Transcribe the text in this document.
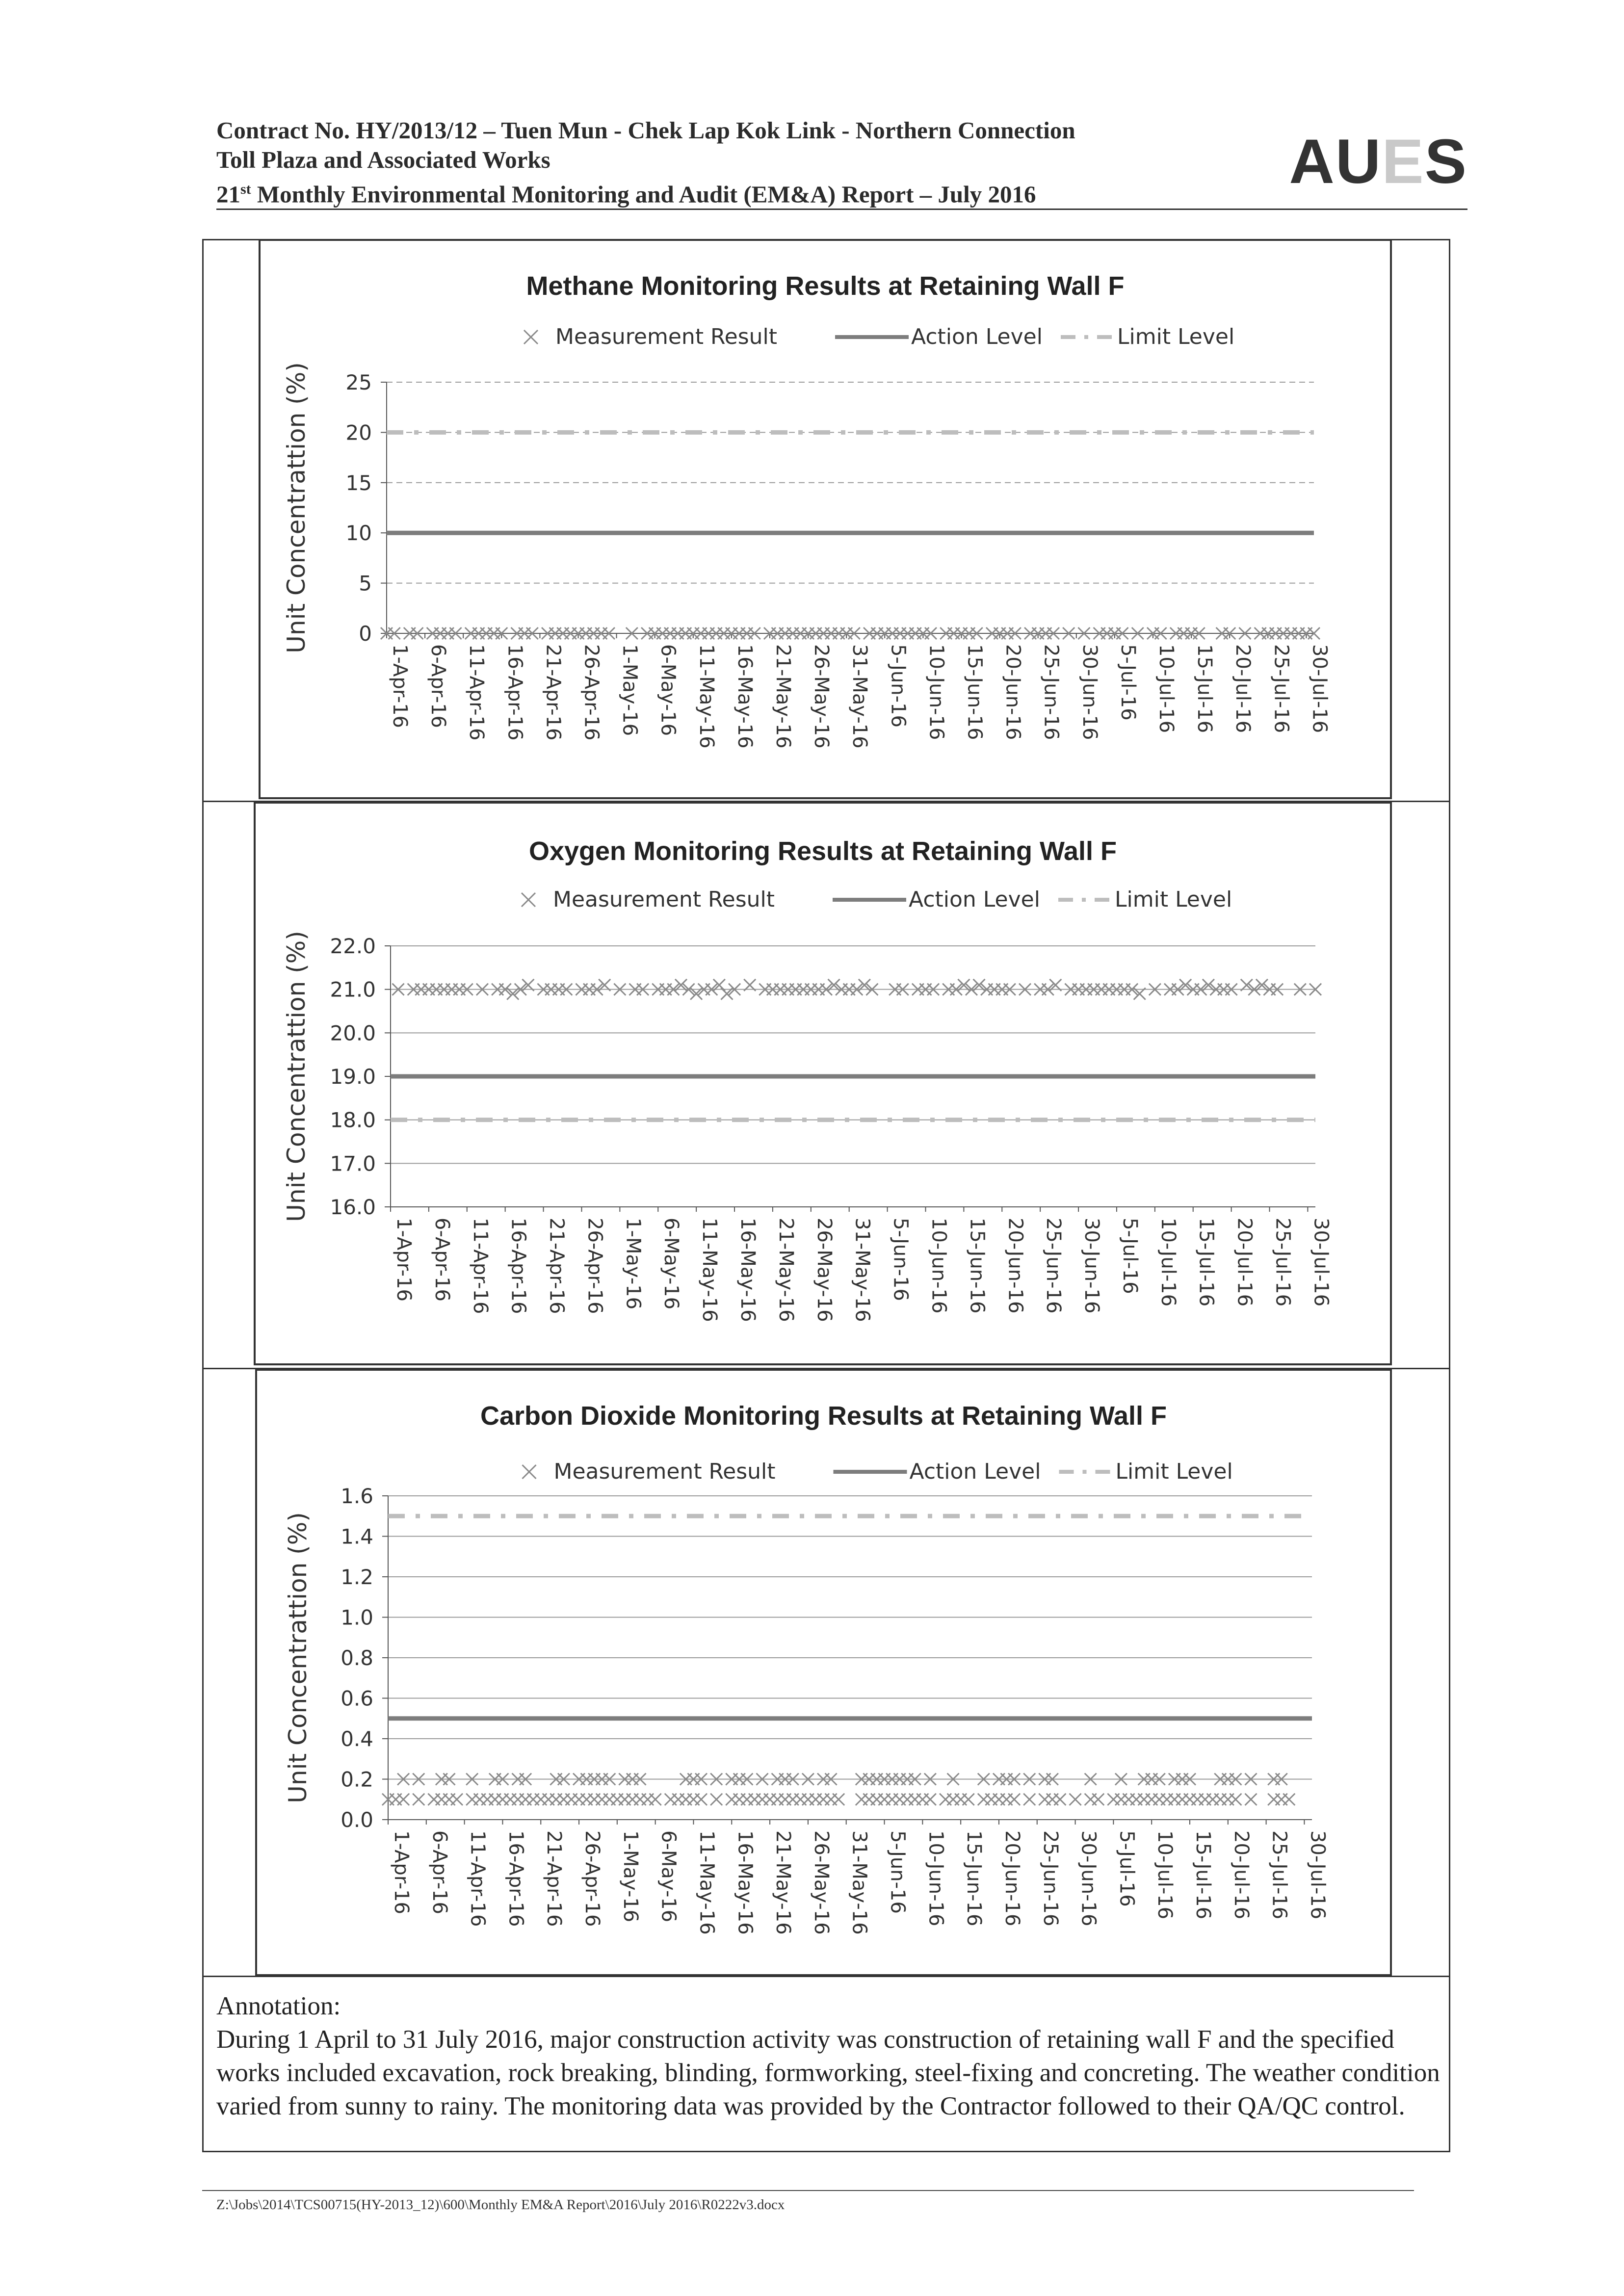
Contract No. HY/2013/12 – Tuen Mun - Chek Lap Kok Link - Northern Connection
Toll Plaza and Associated Works
21st Monthly Environmental Monitoring and Audit (EM&A) Report – July 2016	AUES
Methane Monitoring Results at Retaining Wall F
Measurement Result	Action Level	Limit Level
Unit Concentrattion (%) 0
5
10
15
20
25
1-Apr-16 6-Apr-16 11-Apr-16 16-Apr-16 21-Apr-16 26-Apr-16 1-May-16 6-May-16 11-May-16 16-May-16 21-May-16 26-May-16 31-May-16 5-Jun-16 10-Jun-16 15-Jun-16 20-Jun-16 25-Jun-16 30-Jun-16 5-Jul-16 10-Jul-16 15-Jul-16 20-Jul-16 25-Jul-16 30-Jul-16
Oxygen Monitoring Results at Retaining Wall F
Measurement Result	Action Level	Limit Level
Unit Concentrattion (%) 16.0
17.0
18.0
19.0
20.0
21.0
22.0
1-Apr-16 6-Apr-16 11-Apr-16 16-Apr-16 21-Apr-16 26-Apr-16 1-May-16 6-May-16 11-May-16 16-May-16 21-May-16 26-May-16 31-May-16 5-Jun-16 10-Jun-16 15-Jun-16 20-Jun-16 25-Jun-16 30-Jun-16 5-Jul-16 10-Jul-16 15-Jul-16 20-Jul-16 25-Jul-16 30-Jul-16
Carbon Dioxide Monitoring Results at Retaining Wall F
Measurement Result	Action Level	Limit Level
Unit Concentrattion (%)
0.0
0.2
0.4
0.6
0.8
1.0
1.2
1.4
1.6
1-Apr-16 6-Apr-16 11-Apr-16 16-Apr-16 21-Apr-16 26-Apr-16 1-May-16 6-May-16 11-May-16 16-May-16 21-May-16 26-May-16 31-May-16 5-Jun-16 10-Jun-16 15-Jun-16 20-Jun-16 25-Jun-16 30-Jun-16 5-Jul-16 10-Jul-16 15-Jul-16 20-Jul-16 25-Jul-16 30-Jul-16
Annotation:
During 1 April to 31 July 2016, major construction activity was construction of retaining wall F and the specified works included excavation, rock breaking, blinding, formworking, steel-fixing and concreting. The weather condition varied from sunny to rainy. The monitoring data was provided by the Contractor followed to their QA/QC control.
Z:\Jobs\2014\TCS00715(HY-2013_12)\600\Monthly EM&A Report\2016\July 2016\R0222v3.docx
